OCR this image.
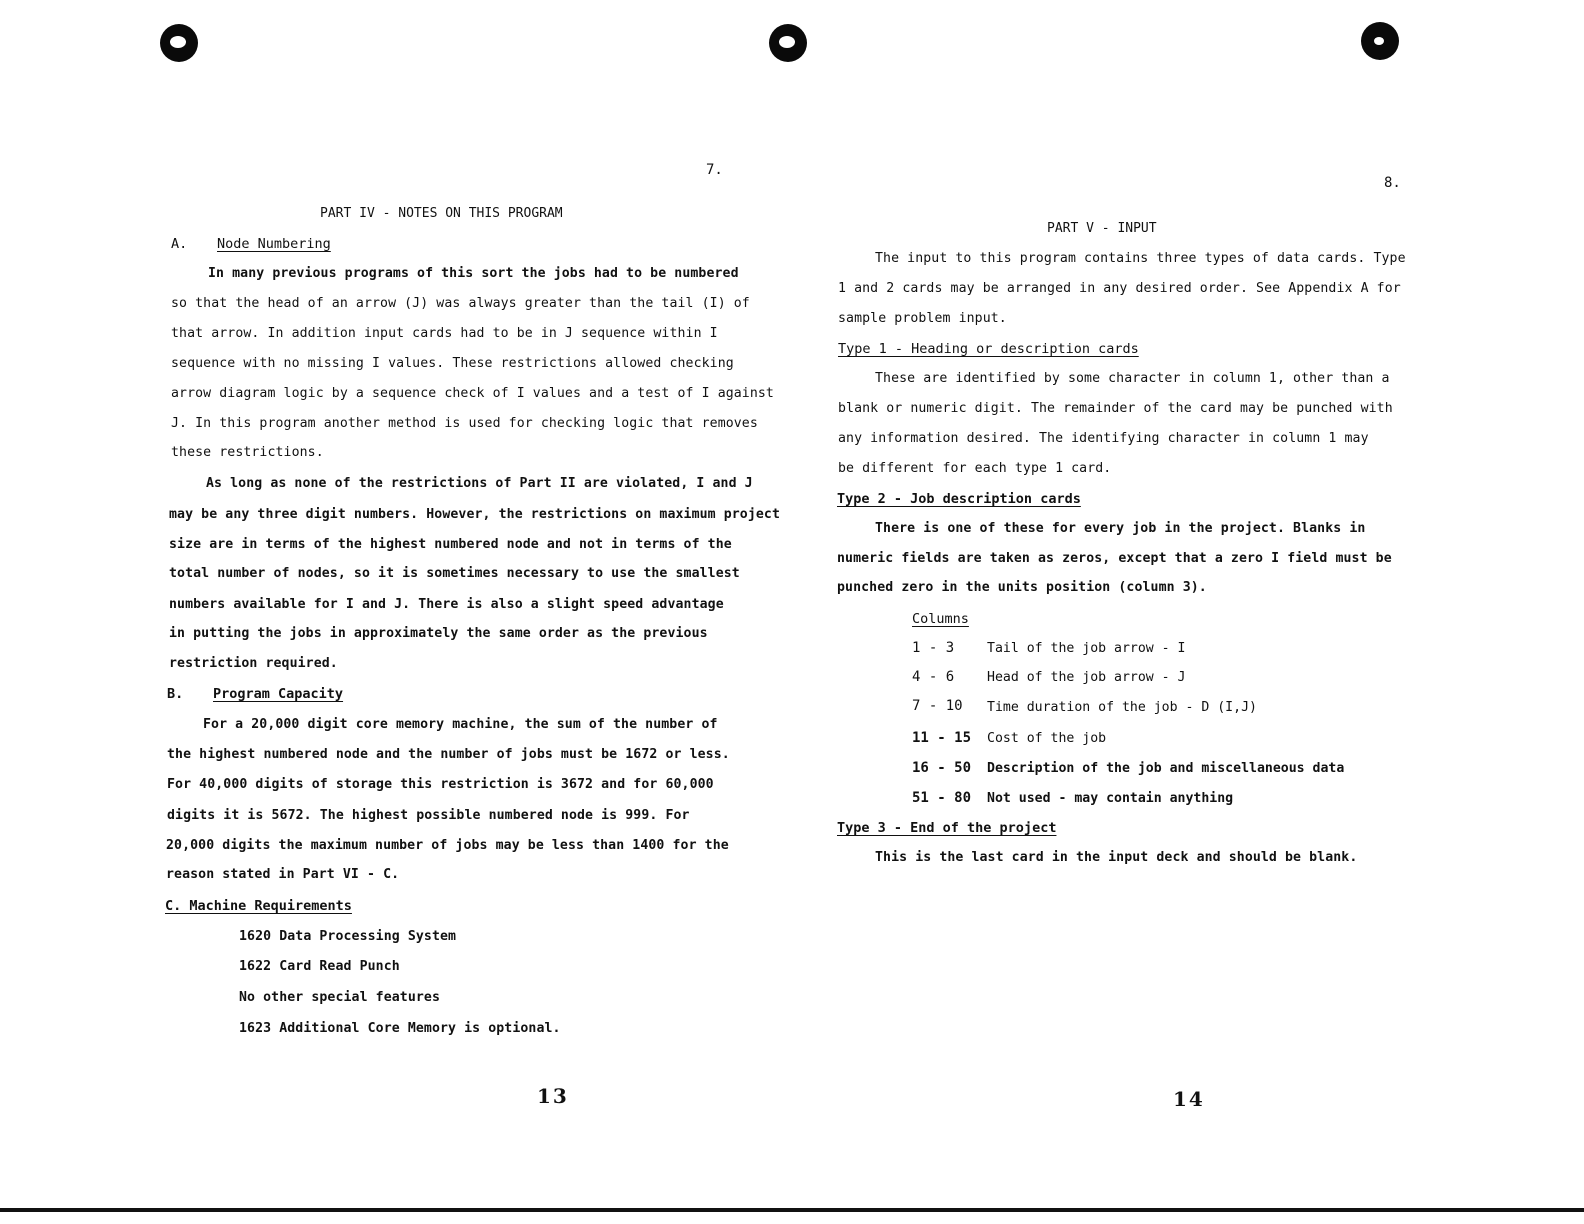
7.
PART IV - NOTES ON THIS PROGRAM
A. Node Numbering
In many previous programs of this sort the jobs had to be numbered
so that the head of an arrow (J) was always greater than the tail (I) of
that arrow. In addition input cards had to be in J sequence within I
sequence with no missing I values. These restrictions allowed checking
arrow diagram logic by a sequence check of I values and a test of I against
J. In this program another method is used for checking logic that removes
these restrictions.
As long as none of the restrictions of Part II are violated, I and J
may be any three digit numbers. However, the restrictions on maximum project
size are in terms of the highest numbered node and not in terms of the
total number of nodes, so it is sometimes necessary to use the smallest
numbers available for I and J. There is also a slight speed advantage
in putting the jobs in approximately the same order as the previous
restriction required.
B. Program Capacity
For a 20,000 digit core memory machine, the sum of the number of
the highest numbered node and the number of jobs must be 1672 or less.
For 40,000 digits of storage this restriction is 3672 and for 60,000
digits it is 5672. The highest possible numbered node is 999. For
20,000 digits the maximum number of jobs may be less than 1400 for the
reason stated in Part VI - C.
C. Machine Requirements
1620 Data Processing System
1622 Card Read Punch
No other special features
1623 Additional Core Memory is optional.
13
8.
PART V - INPUT
The input to this program contains three types of data cards. Type
1 and 2 cards may be arranged in any desired order. See Appendix A for
sample problem input.
Type 1 - Heading or description cards
These are identified by some character in column 1, other than a
blank or numeric digit. The remainder of the card may be punched with
any information desired. The identifying character in column 1 may
be different for each type 1 card.
Type 2 - Job description cards
There is one of these for every job in the project. Blanks in
numeric fields are taken as zeros, except that a zero I field must be
punched zero in the units position (column 3).
Columns
1 - 3 Tail of the job arrow - I
4 - 6 Head of the job arrow - J
7 - 10 Time duration of the job - D (I,J)
11 - 15 Cost of the job
16 - 50 Description of the job and miscellaneous data
51 - 80 Not used - may contain anything
Type 3 - End of the project
This is the last card in the input deck and should be blank.
14
